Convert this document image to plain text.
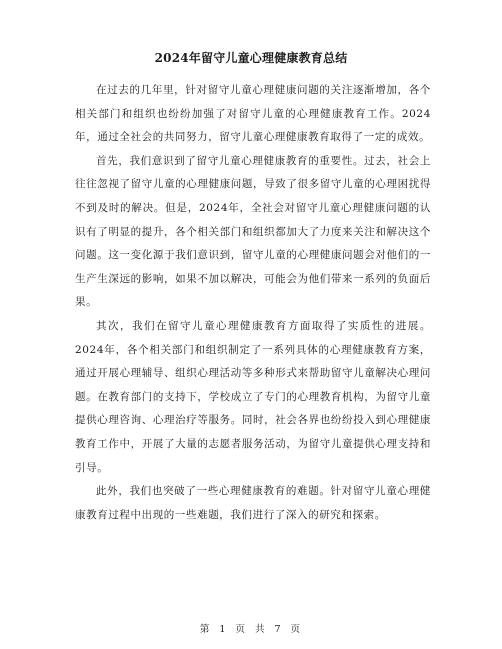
2024年留守儿童心理健康教育总结

在过去的几年里，针对留守儿童心理健康问题的关注逐渐增加，各个相关部门和组织也纷纷加强了对留守儿童的心理健康教育工作。2024年，通过全社会的共同努力，留守儿童心理健康教育取得了一定的成效。

首先，我们意识到了留守儿童心理健康教育的重要性。过去，社会上往往忽视了留守儿童的心理健康问题，导致了很多留守儿童的心理困扰得不到及时的解决。但是，2024年，全社会对留守儿童心理健康问题的认识有了明显的提升，各个相关部门和组织都加大了力度来关注和解决这个问题。这一变化源于我们意识到，留守儿童的心理健康问题会对他们的一生产生深远的影响，如果不加以解决，可能会为他们带来一系列的负面后果。

其次，我们在留守儿童心理健康教育方面取得了实质性的进展。2024年，各个相关部门和组织制定了一系列具体的心理健康教育方案，通过开展心理辅导、组织心理活动等多种形式来帮助留守儿童解决心理问题。在教育部门的支持下，学校成立了专门的心理教育机构，为留守儿童提供心理咨询、心理治疗等服务。同时，社会各界也纷纷投入到心理健康教育工作中，开展了大量的志愿者服务活动，为留守儿童提供心理支持和引导。

此外，我们也突破了一些心理健康教育的难题。针对留守儿童心理健康教育过程中出现的一些难题，我们进行了深入的研究和探索。

第 1 页 共 7 页
